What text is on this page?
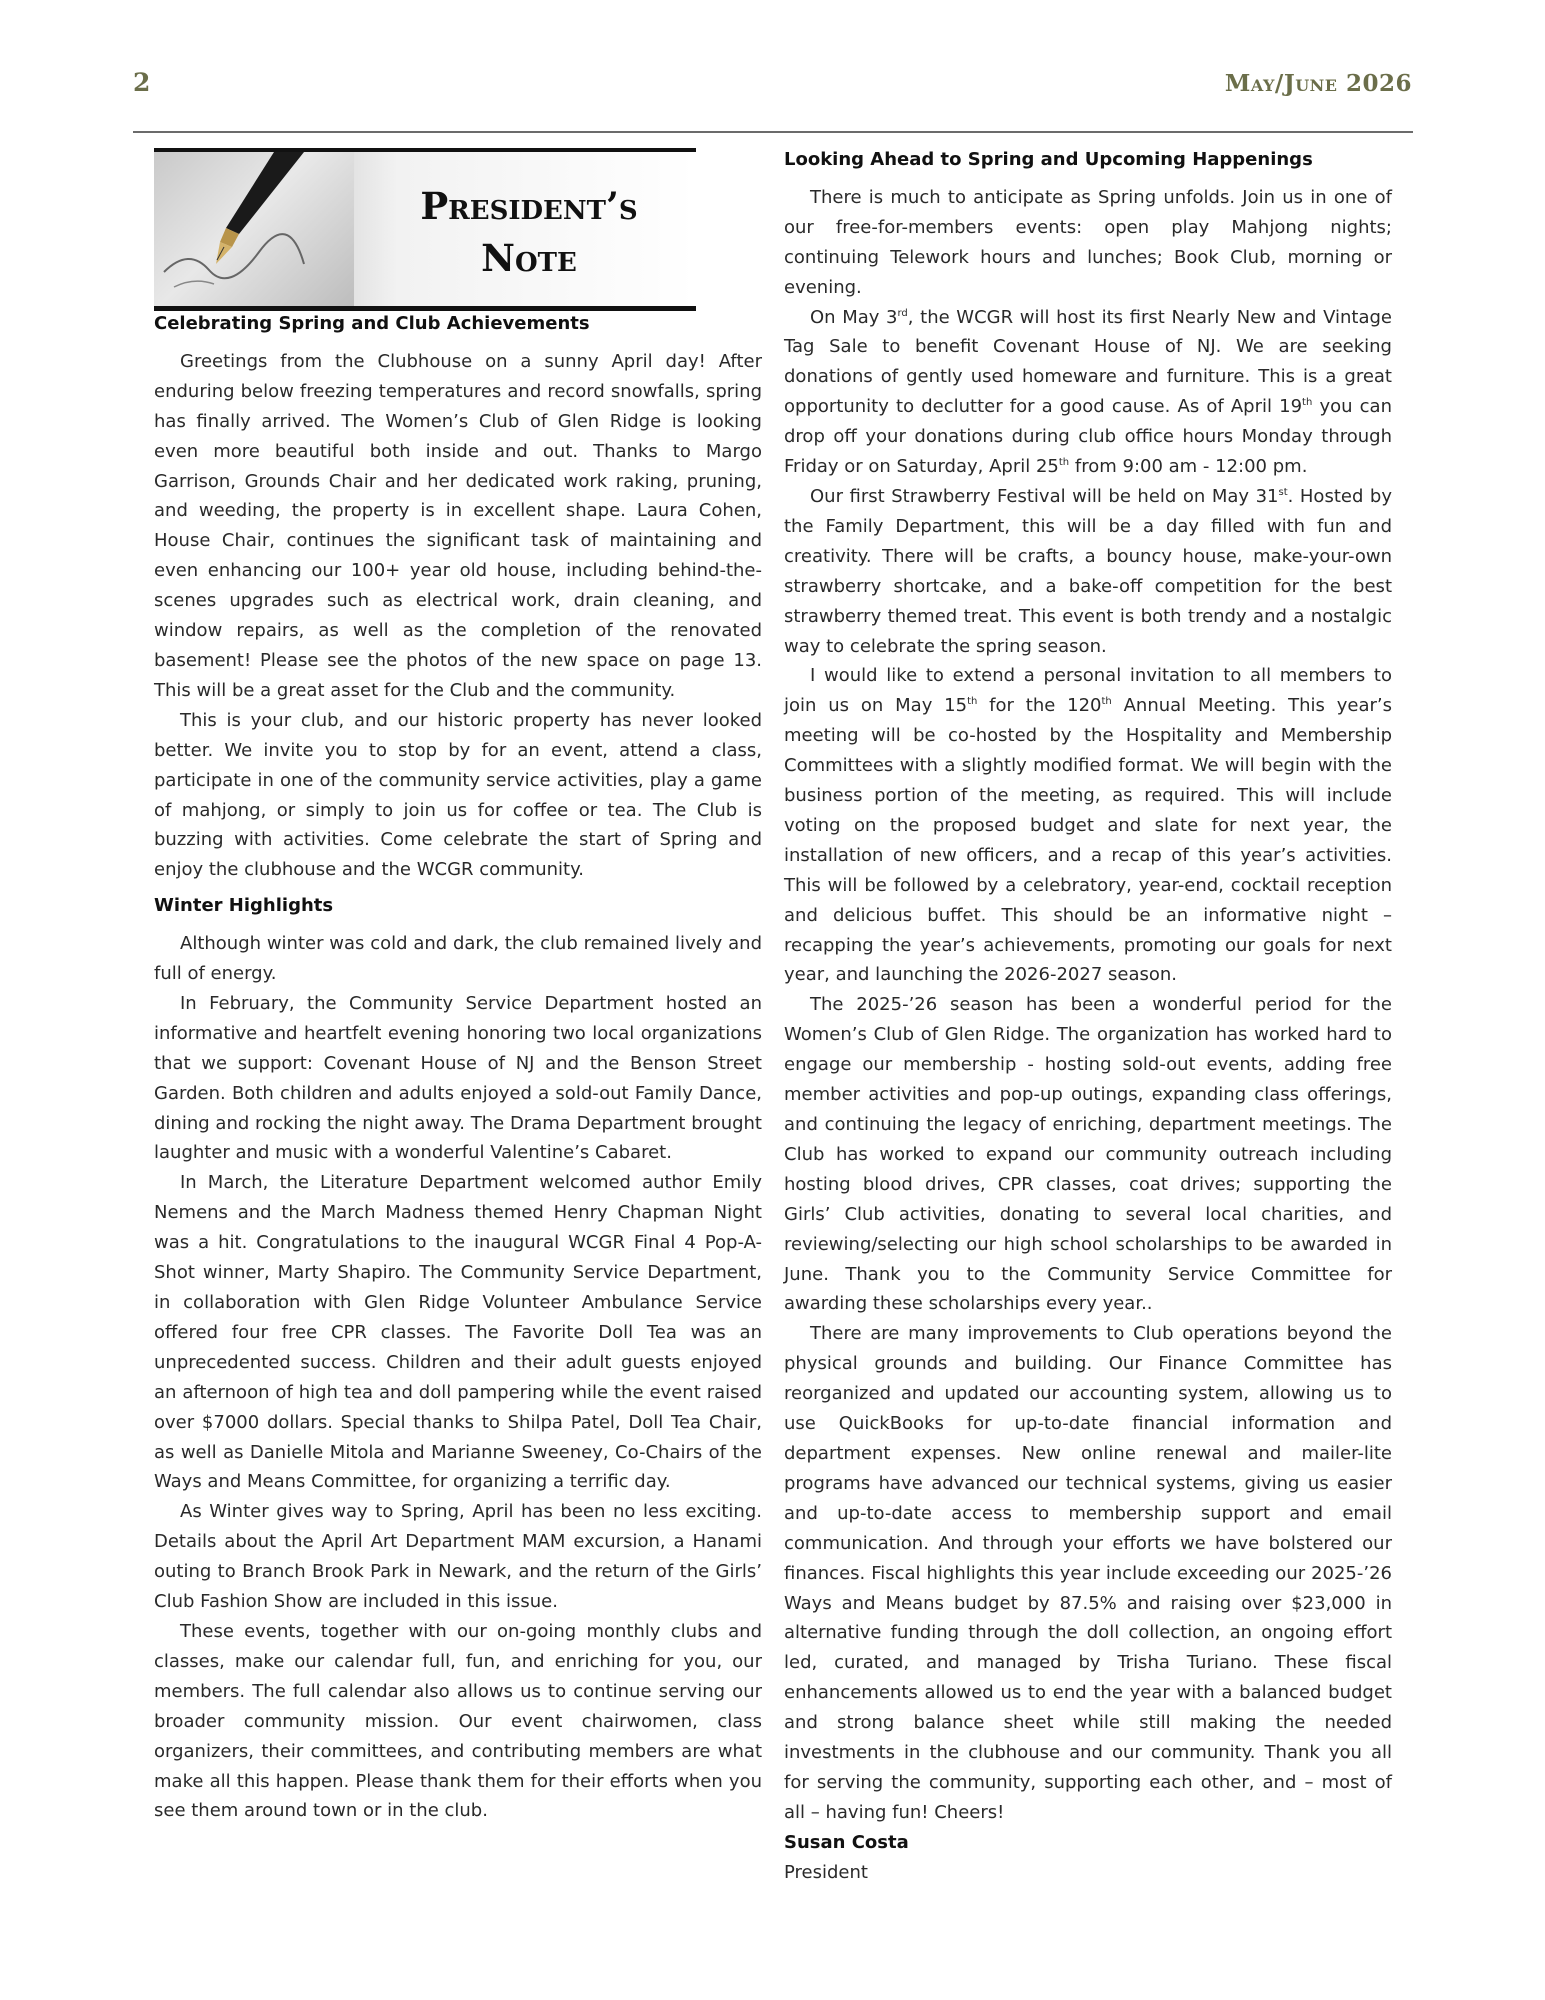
2	May/June 2026
President’s
Note
Celebrating Spring and Club Achievements

Greetings from the Clubhouse on a sunny April day! After enduring below freezing temperatures and record snowfalls, spring has finally arrived. The Women’s Club of Glen Ridge is looking even more beautiful both inside and out. Thanks to Margo Garrison, Grounds Chair and her dedicated work raking, pruning, and weeding, the property is in excellent shape. Laura Cohen, House Chair, continues the significant task of maintaining and even enhancing our 100+ year old house, including behind-the-scenes upgrades such as electrical work, drain cleaning, and window repairs, as well as the completion of the renovated basement! Please see the photos of the new space on page 13. This will be a great asset for the Club and the community.

This is your club, and our historic property has never looked better. We invite you to stop by for an event, attend a class, participate in one of the community service activities, play a game of mahjong, or simply to join us for coffee or tea. The Club is buzzing with activities. Come celebrate the start of Spring and enjoy the clubhouse and the WCGR community.

Winter Highlights

Although winter was cold and dark, the club remained lively and full of energy.

In February, the Community Service Department hosted an informative and heartfelt evening honoring two local organizations that we support: Covenant House of NJ and the Benson Street Garden. Both children and adults enjoyed a sold-out Family Dance, dining and rocking the night away. The Drama Department brought laughter and music with a wonderful Valentine’s Cabaret.

In March, the Literature Department welcomed author Emily Nemens and the March Madness themed Henry Chapman Night was a hit. Congratulations to the inaugural WCGR Final 4 Pop-A-Shot winner, Marty Shapiro. The Community Service Department, in collaboration with Glen Ridge Volunteer Ambulance Service offered four free CPR classes. The Favorite Doll Tea was an unprecedented success. Children and their adult guests enjoyed an afternoon of high tea and doll pampering while the event raised over $7000 dollars. Special thanks to Shilpa Patel, Doll Tea Chair, as well as Danielle Mitola and Marianne Sweeney, Co-Chairs of the Ways and Means Committee, for organizing a terrific day.

As Winter gives way to Spring, April has been no less exciting. Details about the April Art Department MAM excursion, a Hanami outing to Branch Brook Park in Newark, and the return of the Girls’ Club Fashion Show are included in this issue.

These events, together with our on-going monthly clubs and classes, make our calendar full, fun, and enriching for you, our members. The full calendar also allows us to continue serving our broader community mission. Our event chairwomen, class organizers, their committees, and contributing members are what make all this happen. Please thank them for their efforts when you see them around town or in the club.

Looking Ahead to Spring and Upcoming Happenings

There is much to anticipate as Spring unfolds. Join us in one of our free-for-members events: open play Mahjong nights; continuing Telework hours and lunches; Book Club, morning or evening.

On May 3rd, the WCGR will host its first Nearly New and Vintage Tag Sale to benefit Covenant House of NJ. We are seeking donations of gently used homeware and furniture. This is a great opportunity to declutter for a good cause. As of April 19th you can drop off your donations during club office hours Monday through Friday or on Saturday, April 25th from 9:00 am - 12:00 pm.

Our first Strawberry Festival will be held on May 31st. Hosted by the Family Department, this will be a day filled with fun and creativity. There will be crafts, a bouncy house, make-your-own strawberry shortcake, and a bake-off competition for the best strawberry themed treat. This event is both trendy and a nostalgic way to celebrate the spring season.

I would like to extend a personal invitation to all members to join us on May 15th for the 120th Annual Meeting. This year’s meeting will be co-hosted by the Hospitality and Membership Committees with a slightly modified format. We will begin with the business portion of the meeting, as required. This will include voting on the proposed budget and slate for next year, the installation of new officers, and a recap of this year’s activities. This will be followed by a celebratory, year-end, cocktail reception and delicious buffet. This should be an informative night – recapping the year’s achievements, promoting our goals for next year, and launching the 2026-2027 season.

The 2025-’26 season has been a wonderful period for the Women’s Club of Glen Ridge. The organization has worked hard to engage our membership - hosting sold-out events, adding free member activities and pop-up outings, expanding class offerings, and continuing the legacy of enriching, department meetings. The Club has worked to expand our community outreach including hosting blood drives, CPR classes, coat drives; supporting the Girls’ Club activities, donating to several local charities, and reviewing/selecting our high school scholarships to be awarded in June. Thank you to the Community Service Committee for awarding these scholarships every year..

There are many improvements to Club operations beyond the physical grounds and building. Our Finance Committee has reorganized and updated our accounting system, allowing us to use QuickBooks for up-to-date financial information and department expenses. New online renewal and mailer-lite programs have advanced our technical systems, giving us easier and up-to-date access to membership support and email communication. And through your efforts we have bolstered our finances. Fiscal highlights this year include exceeding our 2025-’26 Ways and Means budget by 87.5% and raising over $23,000 in alternative funding through the doll collection, an ongoing effort led, curated, and managed by Trisha Turiano. These fiscal enhancements allowed us to end the year with a balanced budget and strong balance sheet while still making the needed investments in the clubhouse and our community. Thank you all for serving the community, supporting each other, and – most of all – having fun! Cheers!

Susan Costa

President
